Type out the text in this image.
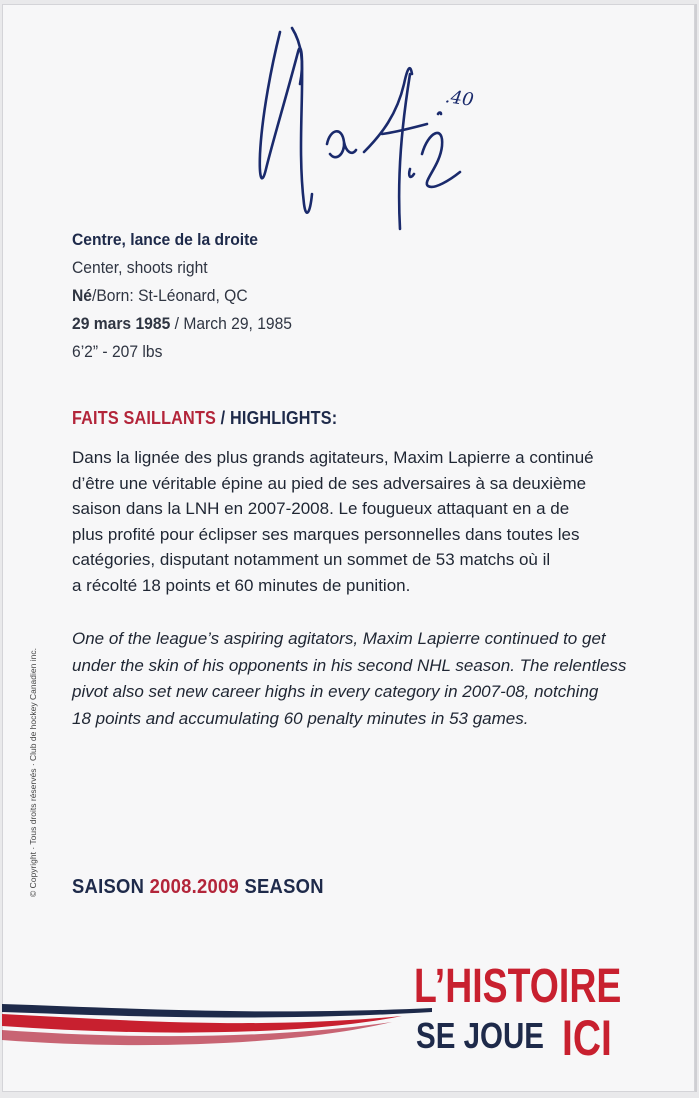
.40
Centre, lance de la droite
Center, shoots right
Né/Born: St-Léonard, QC
29 mars 1985 / March 29, 1985
6’2” - 207 lbs
FAITS SAILLANTS / HIGHLIGHTS:
Dans la lignée des plus grands agitateurs, Maxim Lapierre a continué
d’être une véritable épine au pied de ses adversaires à sa deuxième
saison dans la LNH en 2007-2008. Le fougueux attaquant en a de
plus profité pour éclipser ses marques personnelles dans toutes les
catégories, disputant notamment un sommet de 53 matchs où il
a récolté 18 points et 60 minutes de punition.
One of the league’s aspiring agitators, Maxim Lapierre continued to get
under the skin of his opponents in his second NHL season. The relentless
pivot also set new career highs in every category in 2007-08, notching
18 points and accumulating 60 penalty minutes in 53 games.
© Copyright · Tous droits réservés · Club de hockey Canadien inc. SAISON 2008.2009 SEASON
L’HISTOIRE
SE JOUE ICI
